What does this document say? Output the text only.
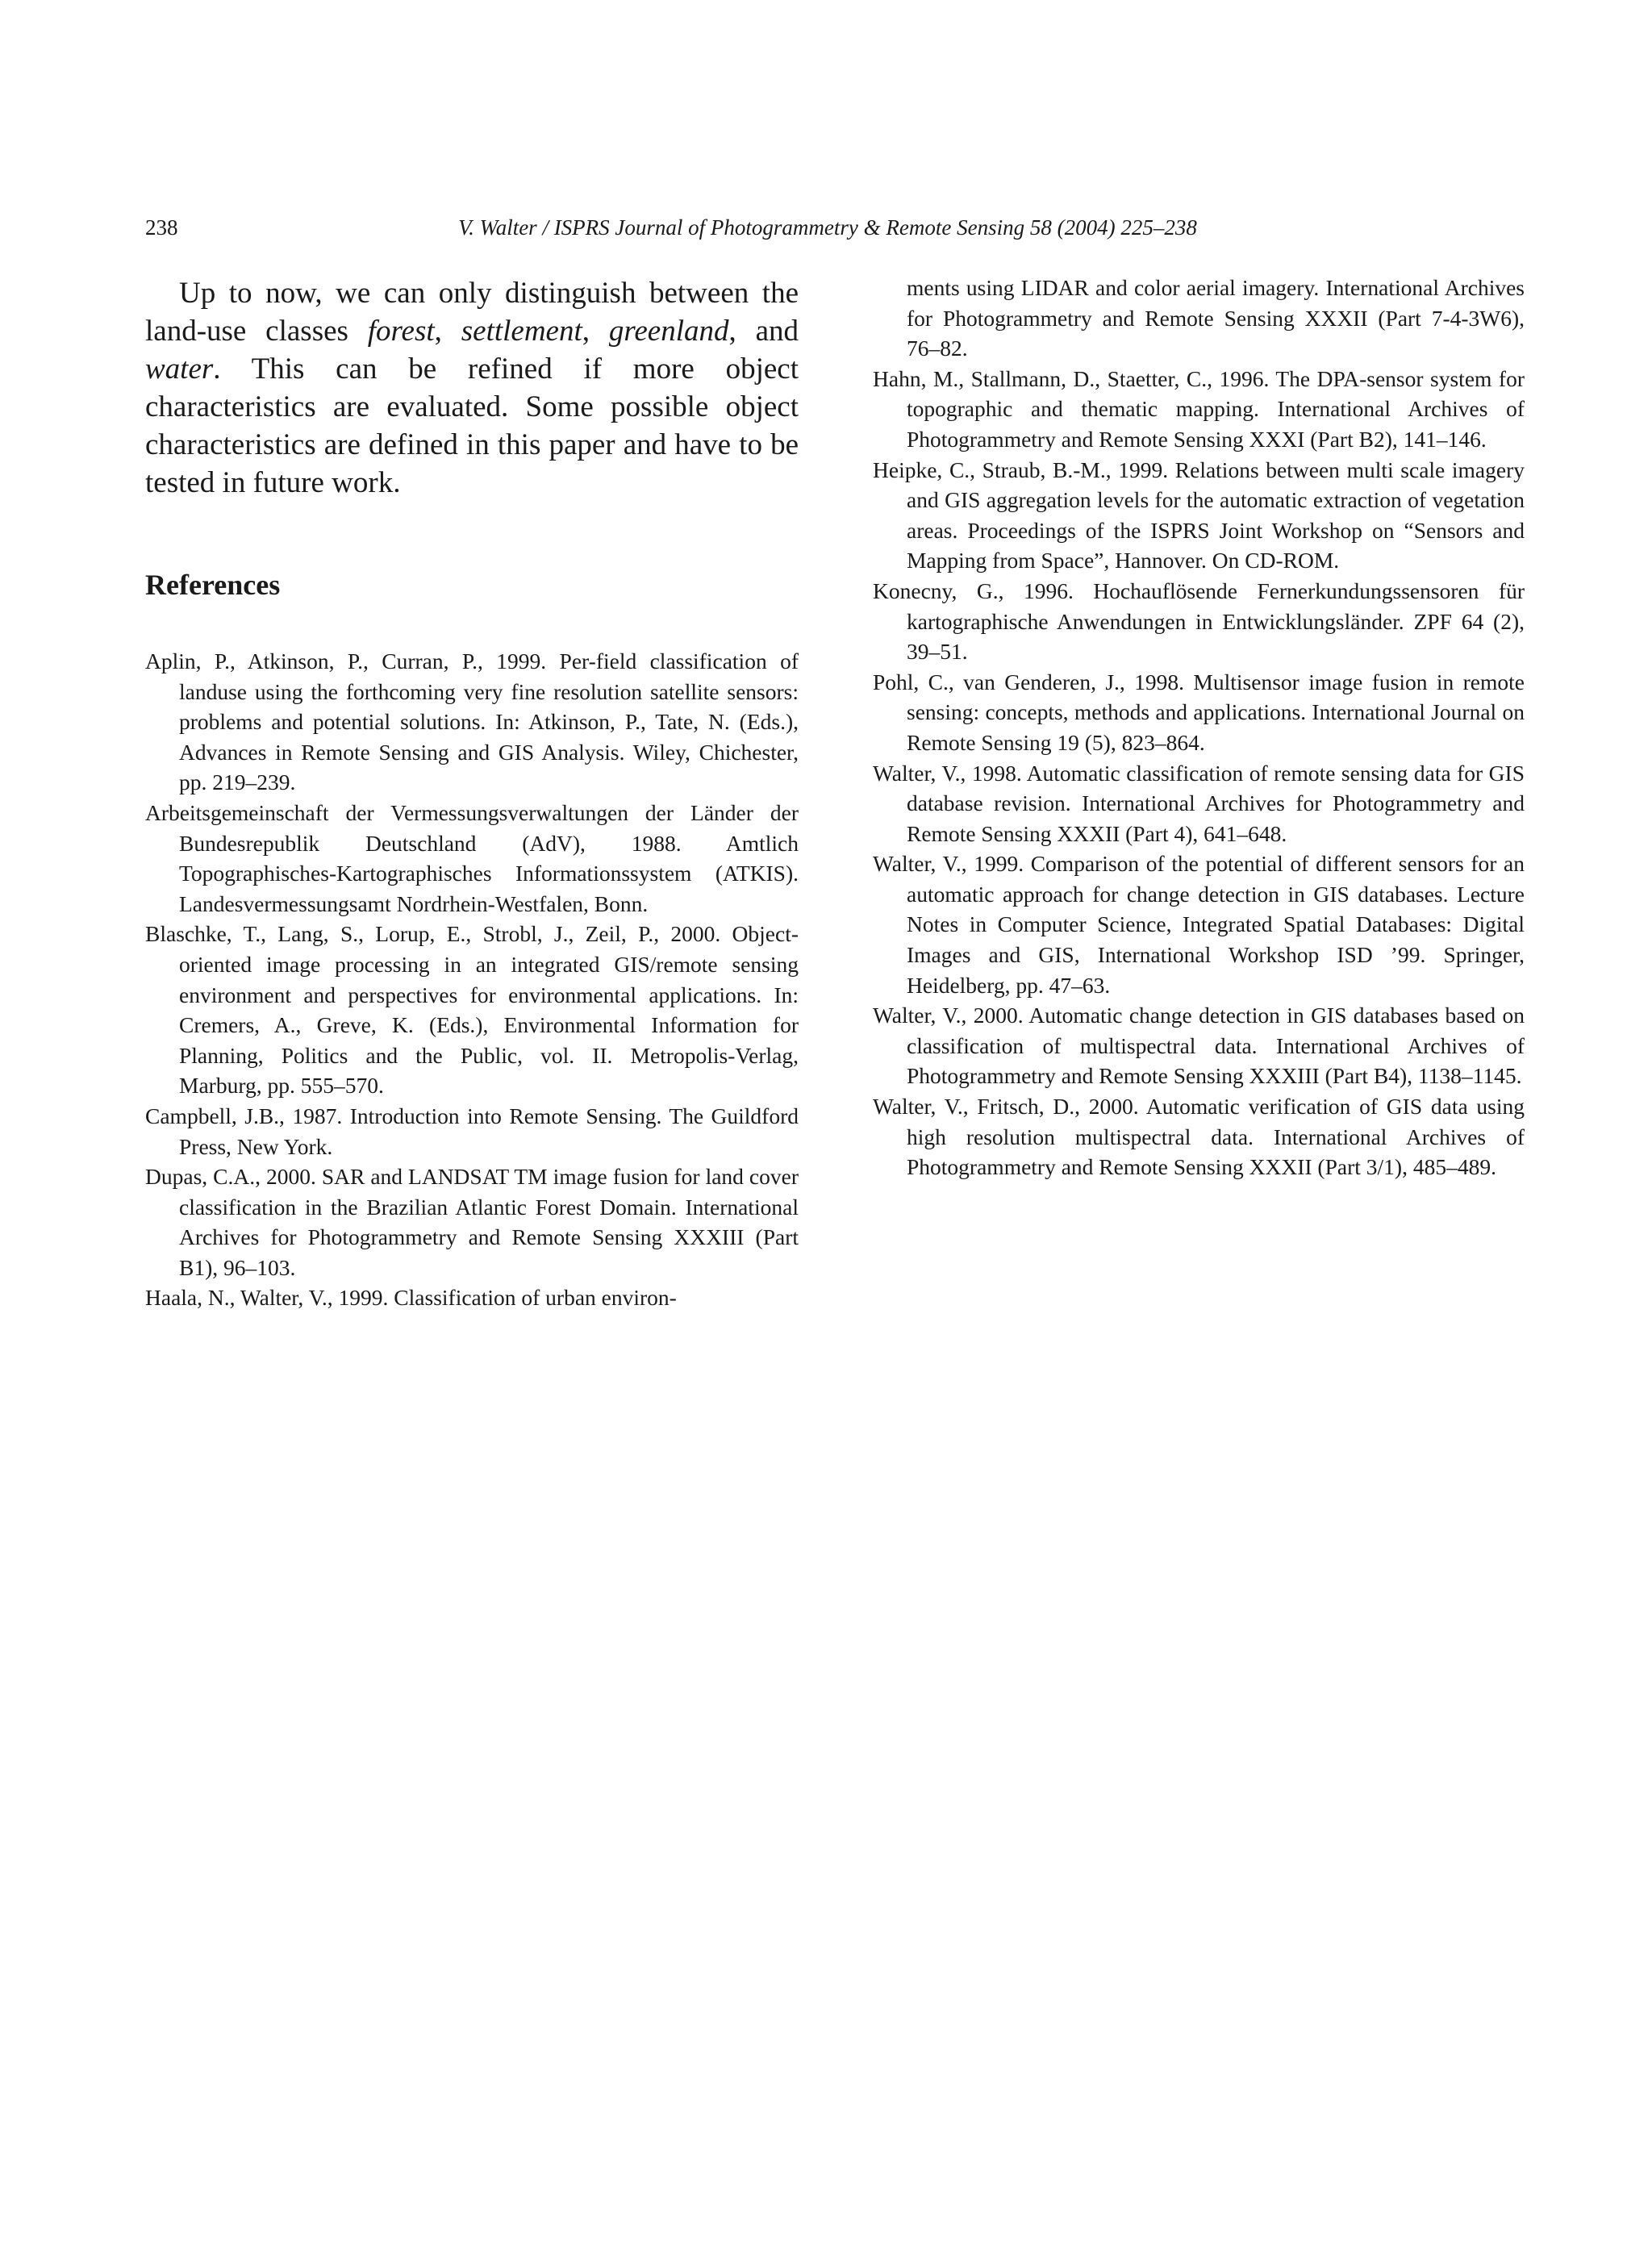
238	V. Walter / ISPRS Journal of Photogrammetry & Remote Sensing 58 (2004) 225–238

Up to now, we can only distinguish between the land-use classes forest, settlement, greenland, and water. This can be refined if more object characteristics are evaluated. Some possible object characteristics are defined in this paper and have to be tested in future work.

References
Aplin, P., Atkinson, P., Curran, P., 1999. Per-field classification of landuse using the forthcoming very fine resolution satellite sensors: problems and potential solutions. In: Atkinson, P., Tate, N. (Eds.), Advances in Remote Sensing and GIS Analysis. Wiley, Chichester, pp. 219–239.
Arbeitsgemeinschaft der Vermessungsverwaltungen der Länder der Bundesrepublik Deutschland (AdV), 1988. Amtlich Topographisches-Kartographisches Informationssystem (ATKIS). Landesvermessungsamt Nordrhein-Westfalen, Bonn.
Blaschke, T., Lang, S., Lorup, E., Strobl, J., Zeil, P., 2000. Object-oriented image processing in an integrated GIS/remote sensing environment and perspectives for environmental applications. In: Cremers, A., Greve, K. (Eds.), Environmental Information for Planning, Politics and the Public, vol. II. Metropolis-Verlag, Marburg, pp. 555–570.
Campbell, J.B., 1987. Introduction into Remote Sensing. The Guildford Press, New York.
Dupas, C.A., 2000. SAR and LANDSAT TM image fusion for land cover classification in the Brazilian Atlantic Forest Domain. International Archives for Photogrammetry and Remote Sensing XXXIII (Part B1), 96–103.
Haala, N., Walter, V., 1999. Classification of urban environ-
ments using LIDAR and color aerial imagery. International Archives for Photogrammetry and Remote Sensing XXXII (Part 7-4-3W6), 76–82.
Hahn, M., Stallmann, D., Staetter, C., 1996. The DPA-sensor system for topographic and thematic mapping. International Archives of Photogrammetry and Remote Sensing XXXI (Part B2), 141–146.
Heipke, C., Straub, B.-M., 1999. Relations between multi scale imagery and GIS aggregation levels for the automatic extraction of vegetation areas. Proceedings of the ISPRS Joint Workshop on “Sensors and Mapping from Space”, Hannover. On CD-ROM.
Konecny, G., 1996. Hochauflösende Fernerkundungssensoren für kartographische Anwendungen in Entwicklungsländer. ZPF 64 (2), 39–51.
Pohl, C., van Genderen, J., 1998. Multisensor image fusion in remote sensing: concepts, methods and applications. International Journal on Remote Sensing 19 (5), 823–864.
Walter, V., 1998. Automatic classification of remote sensing data for GIS database revision. International Archives for Photogrammetry and Remote Sensing XXXII (Part 4), 641–648.
Walter, V., 1999. Comparison of the potential of different sensors for an automatic approach for change detection in GIS databases. Lecture Notes in Computer Science, Integrated Spatial Databases: Digital Images and GIS, International Workshop ISD ’99. Springer, Heidelberg, pp. 47–63.
Walter, V., 2000. Automatic change detection in GIS databases based on classification of multispectral data. International Archives of Photogrammetry and Remote Sensing XXXIII (Part B4), 1138–1145.
Walter, V., Fritsch, D., 2000. Automatic verification of GIS data using high resolution multispectral data. International Archives of Photogrammetry and Remote Sensing XXXII (Part 3/1), 485–489.
